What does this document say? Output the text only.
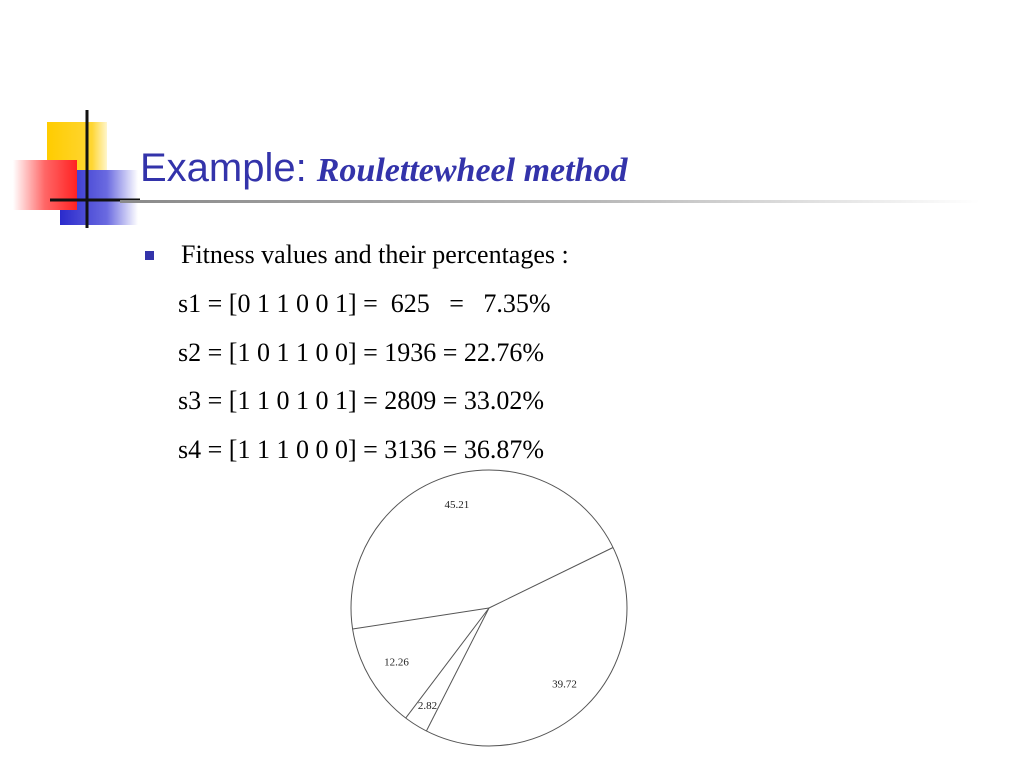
Example: Roulettewheel method
Fitness values and their percentages :
s1 = [0 1 1 0 0 1] =  625   =   7.35%
s2 = [1 0 1 1 0 0] = 1936 = 22.76%
s3 = [1 1 0 1 0 1] = 2809 = 33.02%
s4 = [1 1 1 0 0 0] = 3136 = 36.87%
45.21
12.26
2.82
39.72
